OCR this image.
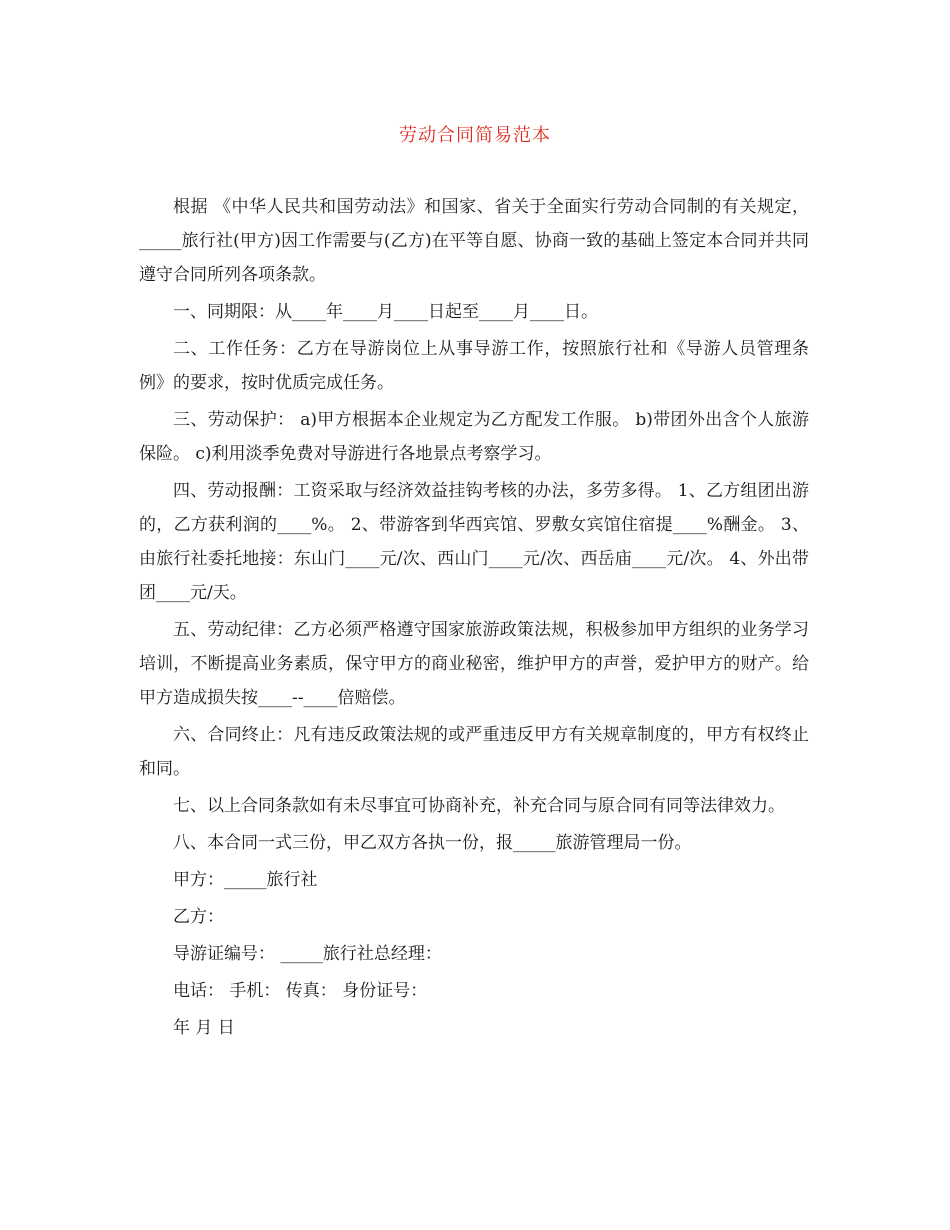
劳动合同简易范本

根据 《中华人民共和国劳动法》和国家、省关于全面实行劳动合同制的有关规定，_____旅行社(甲方)因工作需要与(乙方)在平等自愿、协商一致的基础上签定本合同并共同遵守合同所列各项条款。

一、同期限：从____年____月____日起至____月____日。

二、工作任务：乙方在导游岗位上从事导游工作，按照旅行社和《导游人员管理条例》的要求，按时优质完成任务。

三、劳动保护： a)甲方根据本企业规定为乙方配发工作服。 b)带团外出含个人旅游保险。 c)利用淡季免费对导游进行各地景点考察学习。

四、劳动报酬：工资采取与经济效益挂钩考核的办法，多劳多得。 1、乙方组团出游的，乙方获利润的____%。 2、带游客到华西宾馆、罗敷女宾馆住宿提____%酬金。 3、由旅行社委托地接：东山门____元/次、西山门____元/次、西岳庙____元/次。 4、外出带团____元/天。

五、劳动纪律：乙方必须严格遵守国家旅游政策法规，积极参加甲方组织的业务学习培训，不断提高业务素质，保守甲方的商业秘密，维护甲方的声誉，爱护甲方的财产。给甲方造成损失按____--____倍赔偿。

六、合同终止：凡有违反政策法规的或严重违反甲方有关规章制度的，甲方有权终止和同。

七、以上合同条款如有未尽事宜可协商补充，补充合同与原合同有同等法律效力。

八、本合同一式三份，甲乙双方各执一份，报_____旅游管理局一份。

甲方：_____旅行社

乙方：

导游证编号： _____旅行社总经理：

电话： 手机： 传真： 身份证号：

年 月 日
